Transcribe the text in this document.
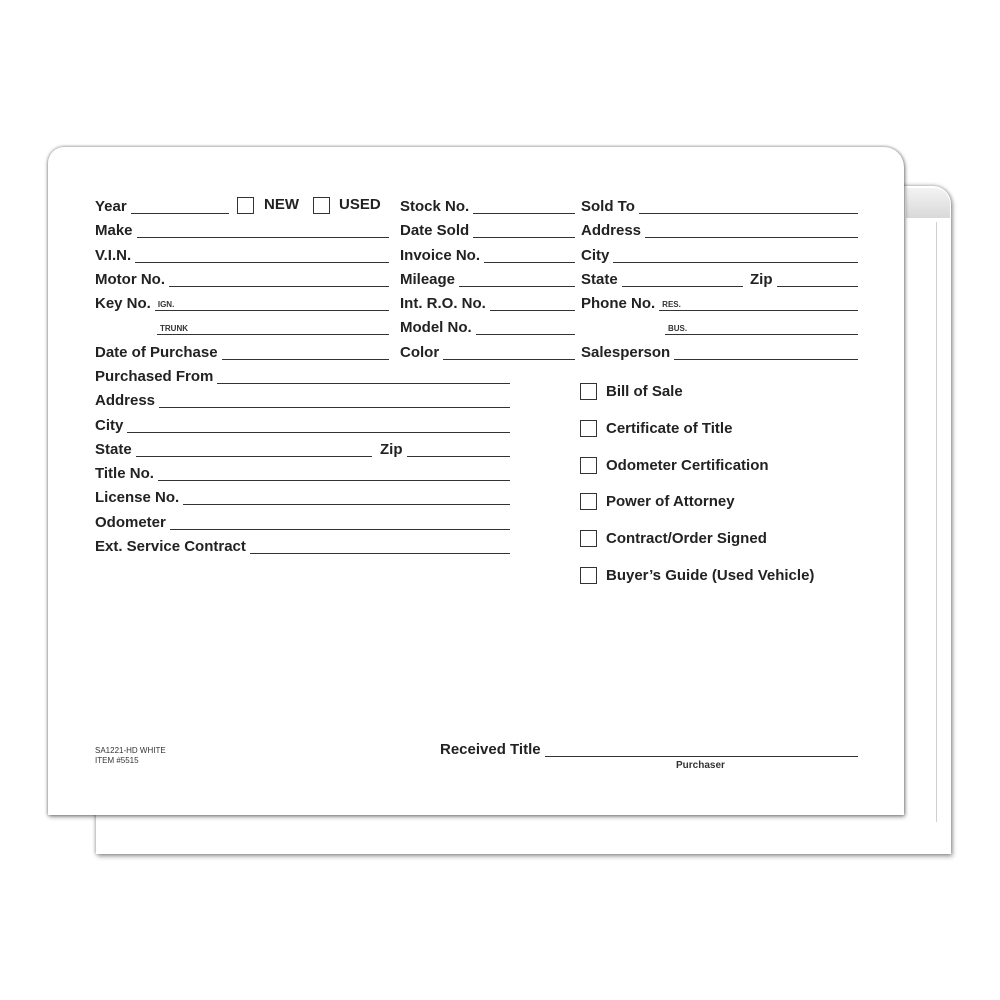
Year	NEW	USED Stock No.	Sold To
Make	Date Sold	Address
V.I.N.	Invoice No.	City
Motor No.	Mileage	State	Zip
Key No. IGN.	Int. R.O. No.	Phone No. RES.
TRUNK	Model No.	BUS.
Date of Purchase	Color	Salesperson
Purchased From
Address
City
State	Zip
Title No.
License No.
Odometer
Ext. Service Contract
Bill of Sale
Certificate of Title
Odometer Certification
Power of Attorney
Contract/Order Signed
Buyer’s Guide (Used Vehicle)
SA1221-HD WHITE
ITEM #5515
Received Title
Purchaser
